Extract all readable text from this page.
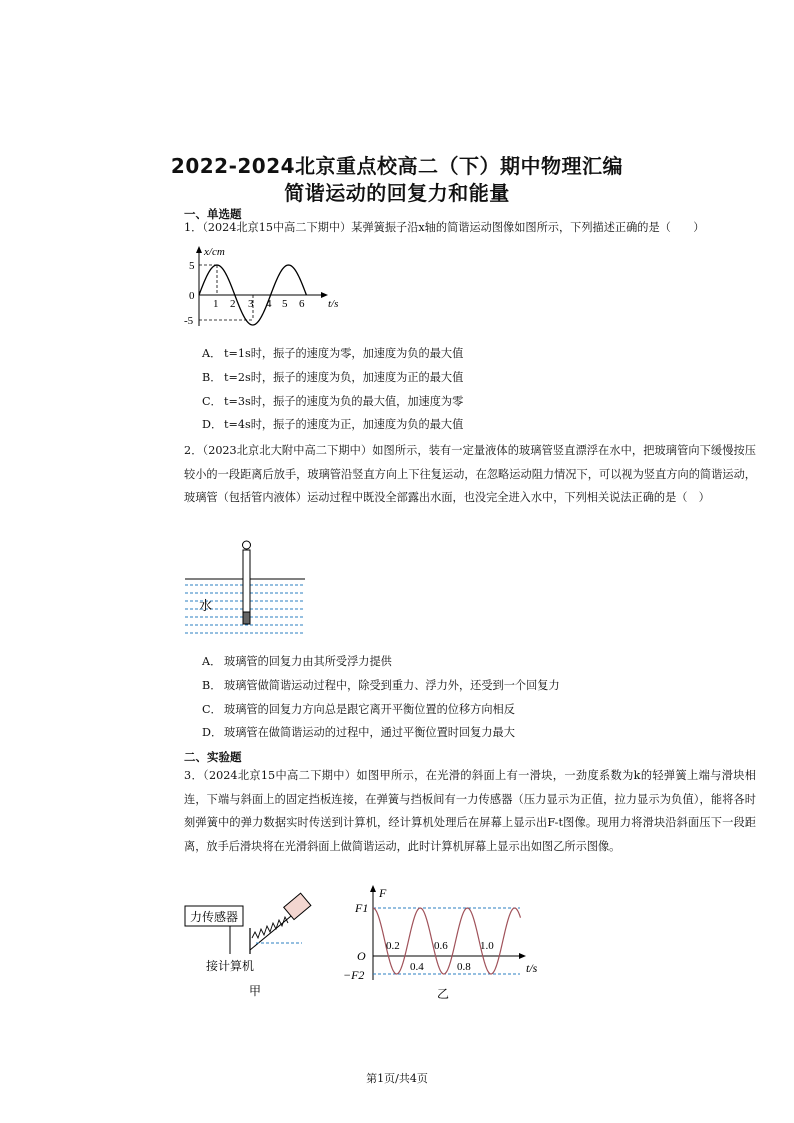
2022-2024北京重点校高二（下）期中物理汇编
简谐运动的回复力和能量
一、单选题
1．（2024北京15中高二下期中）某弹簧振子沿x轴的简谐运动图像如图所示，下列描述正确的是（　　）
x/cm
t/s
5
0
-5
1 2 3 4 5 6
A． t=1s时，振子的速度为零，加速度为负的最大值
B． t=2s时，振子的速度为负，加速度为正的最大值
C． t=3s时，振子的速度为负的最大值，加速度为零
D． t=4s时，振子的速度为正，加速度为负的最大值
2．（2023北京北大附中高二下期中）如图所示，装有一定量液体的玻璃管竖直漂浮在水中，把玻璃管向下缓慢按压较小的一段距离后放手，玻璃管沿竖直方向上下往复运动，在忽略运动阻力情况下，可以视为竖直方向的简谐运动，玻璃管（包括管内液体）运动过程中既没全部露出水面，也没完全进入水中，下列相关说法正确的是（　）
水
A． 玻璃管的回复力由其所受浮力提供
B． 玻璃管做简谐运动过程中，除受到重力、浮力外，还受到一个回复力
C． 玻璃管的回复力方向总是跟它离开平衡位置的位移方向相反
D． 玻璃管在做简谐运动的过程中，通过平衡位置时回复力最大
二、实验题
3．（2024北京15中高二下期中）如图甲所示，在光滑的斜面上有一滑块，一劲度系数为k的轻弹簧上端与滑块相连，下端与斜面上的固定挡板连接，在弹簧与挡板间有一力传感器（压力显示为正值，拉力显示为负值），能将各时刻弹簧中的弹力数据实时传送到计算机，经计算机处理后在屏幕上显示出F-t图像。现用力将滑块沿斜面压下一段距离，放手后滑块将在光滑斜面上做简谐运动，此时计算机屏幕上显示出如图乙所示图像。
力传感器
接计算机
甲
F
t/s
O
F1
−F2
0.2	0.6	1.0
0.4	0.8
乙
第1页/共4页
